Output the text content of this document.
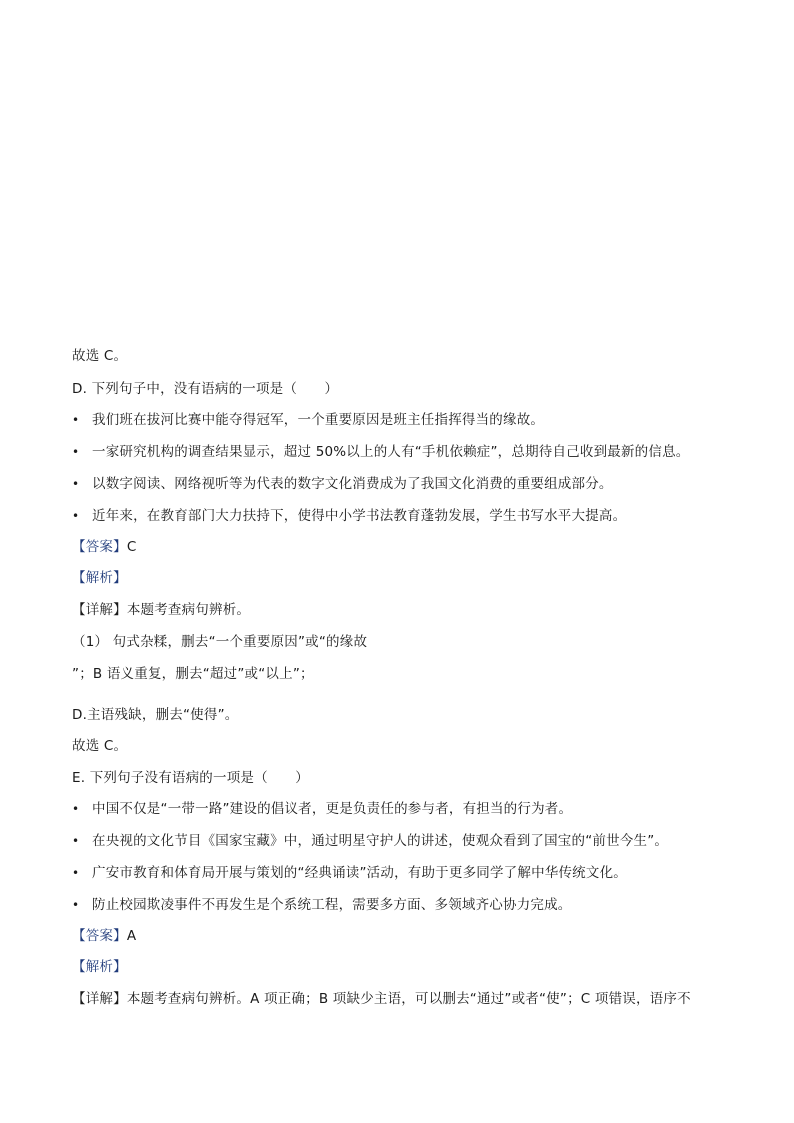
故选 C。
D. 下列句子中，没有语病的一项是（　　）
• 我们班在拔河比赛中能夺得冠军，一个重要原因是班主任指挥得当的缘故。
• 一家研究机构的调查结果显示，超过 50%以上的人有“手机依赖症”，总期待自己收到最新的信息。
• 以数字阅读、网络视听等为代表的数字文化消费成为了我国文化消费的重要组成部分。
• 近年来，在教育部门大力扶持下，使得中小学书法教育蓬勃发展，学生书写水平大提高。
【答案】C
【解析】
【详解】本题考查病句辨析。
（1） 句式杂糅，删去“一个重要原因”或“的缘故
”；B 语义重复，删去“超过”或“以上”；
D.主语残缺，删去“使得”。
故选 C。
E. 下列句子没有语病的一项是（　　）
• 中国不仅是“一带一路”建设的倡议者，更是负责任的参与者，有担当的行为者。
• 在央视的文化节目《国家宝藏》中，通过明星守护人的讲述，使观众看到了国宝的“前世今生”。
• 广安市教育和体育局开展与策划的“经典诵读”活动，有助于更多同学了解中华传统文化。
• 防止校园欺凌事件不再发生是个系统工程，需要多方面、多领域齐心协力完成。
【答案】A
【解析】
【详解】本题考查病句辨析。A 项正确；B 项缺少主语，可以删去“通过”或者“使”；C 项错误，语序不
